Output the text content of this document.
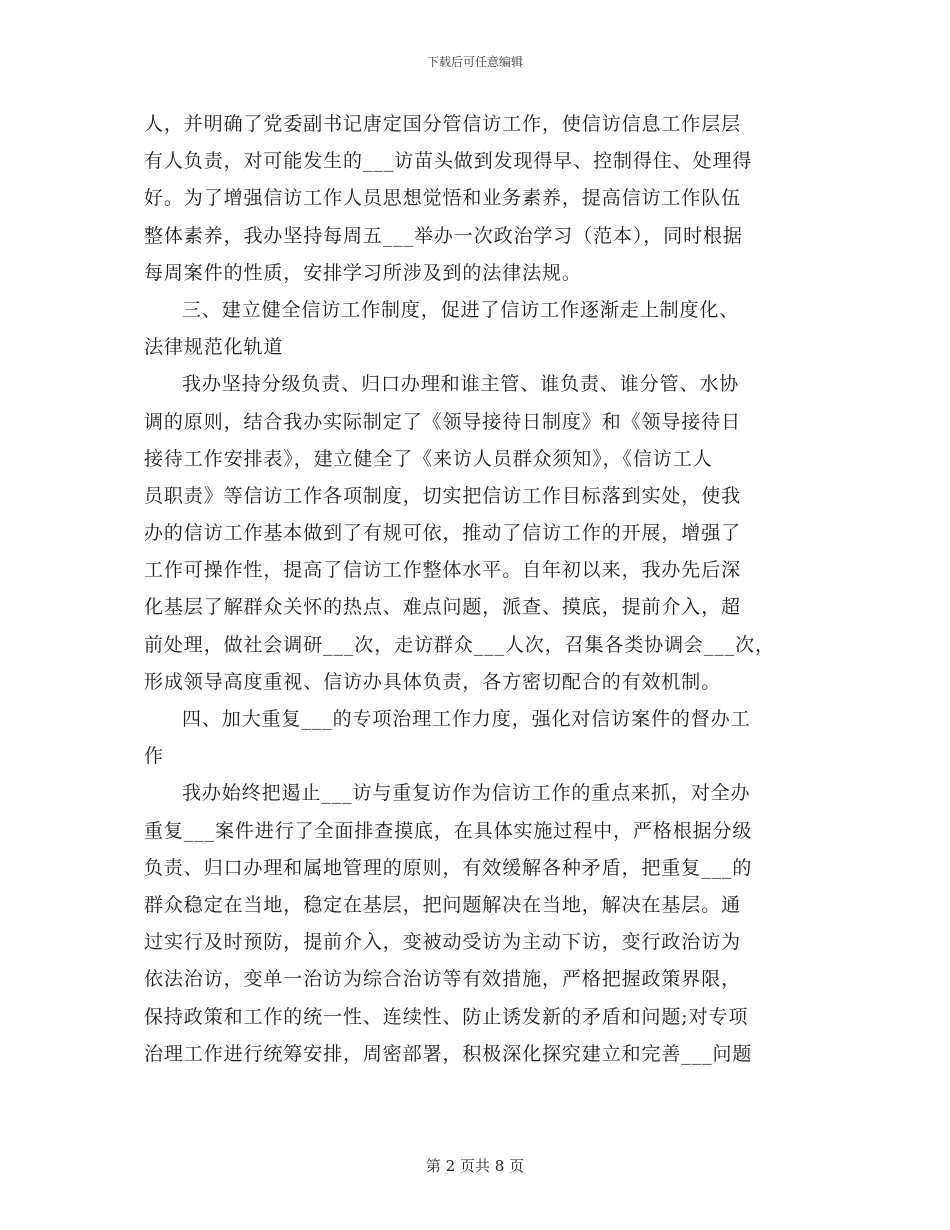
下载后可任意编辑
人，并明确了党委副书记唐定国分管信访工作，使信访信息工作层层
有人负责，对可能发生的___访苗头做到发现得早、控制得住、处理得
好。为了增强信访工作人员思想觉悟和业务素养，提高信访工作队伍
整体素养，我办坚持每周五___举办一次政治学习（范本），同时根据
每周案件的性质，安排学习所涉及到的法律法规。
三、建立健全信访工作制度，促进了信访工作逐渐走上制度化、
法律规范化轨道
我办坚持分级负责、归口办理和谁主管、谁负责、谁分管、水协
调的原则，结合我办实际制定了《领导接待日制度》和《领导接待日
接待工作安排表》，建立健全了《来访人员群众须知》，《信访工人
员职责》等信访工作各项制度，切实把信访工作目标落到实处，使我
办的信访工作基本做到了有规可依，推动了信访工作的开展，增强了
工作可操作性，提高了信访工作整体水平。自年初以来，我办先后深
化基层了解群众关怀的热点、难点问题，派查、摸底，提前介入，超
前处理，做社会调研___次，走访群众___人次，召集各类协调会___次，
形成领导高度重视、信访办具体负责，各方密切配合的有效机制。
四、加大重复___的专项治理工作力度，强化对信访案件的督办工
作
我办始终把遏止___访与重复访作为信访工作的重点来抓，对全办
重复___案件进行了全面排查摸底，在具体实施过程中，严格根据分级
负责、归口办理和属地管理的原则，有效缓解各种矛盾，把重复___的
群众稳定在当地，稳定在基层，把问题解决在当地，解决在基层。通
过实行及时预防，提前介入，变被动受访为主动下访，变行政治访为
依法治访，变单一治访为综合治访等有效措施，严格把握政策界限，
保持政策和工作的统一性、连续性、防止诱发新的矛盾和问题;对专项
治理工作进行统筹安排，周密部署，积极深化探究建立和完善___问题
第 2 页共 8 页
